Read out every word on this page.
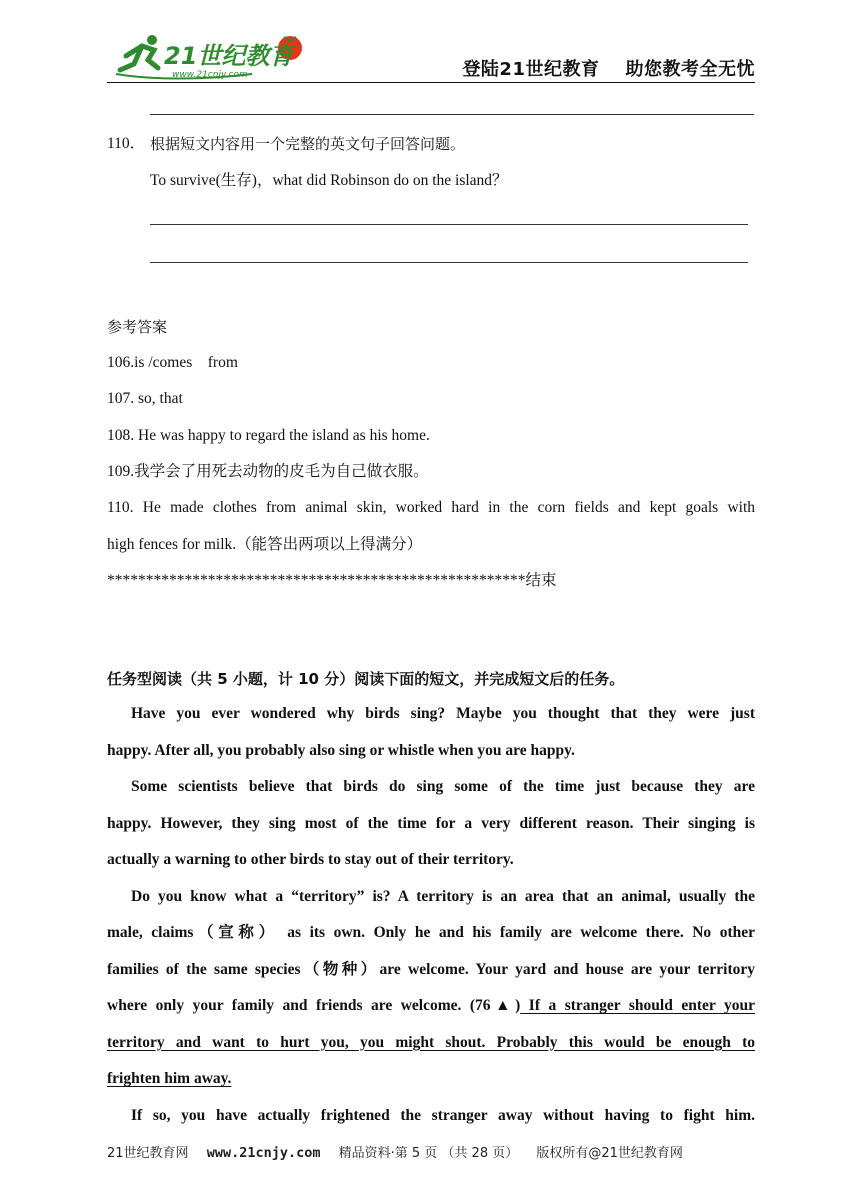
21世纪教育
www.21cnjy.com	登陆21世纪教育 助您教考全无忧
110． 根据短文内容用一个完整的英文句子回答问题。
To survive(生存)，what did Robinson do on the island？
参考答案
106.is /comes    from
107. so, that
108. He was happy to regard the island as his home.
109.我学会了用死去动物的皮毛为自己做衣服。
110. He made clothes from animal skin, worked hard in the corn fields and kept goals with
high fences for milk.（能答出两项以上得满分）
******************************************************结束
任务型阅读（共 5 小题，计 10 分）阅读下面的短文，并完成短文后的任务。
Have you ever wondered why birds sing? Maybe you thought that they were just
happy. After all, you probably also sing or whistle when you are happy.
Some scientists believe that birds do sing some of the time just because they are
happy. However, they sing most of the time for a very different reason. Their singing is
actually a warning to other birds to stay out of their territory.
Do you know what a “territory” is? A territory is an area that an animal, usually the
male, claims（宣称） as its own. Only he and his family are welcome there. No other
families of the same species（物种）are welcome. Your yard and house are your territory
where only your family and friends are welcome. (76▲) If a stranger should enter your
territory and want to hurt you, you might shout. Probably this would be enough to
frighten him away.
If so, you have actually frightened the stranger away without having to fight him.
21世纪教育网 www.21cnjy.com 精品资料·第 5 页 （共 28 页） 版权所有@21世纪教育网
